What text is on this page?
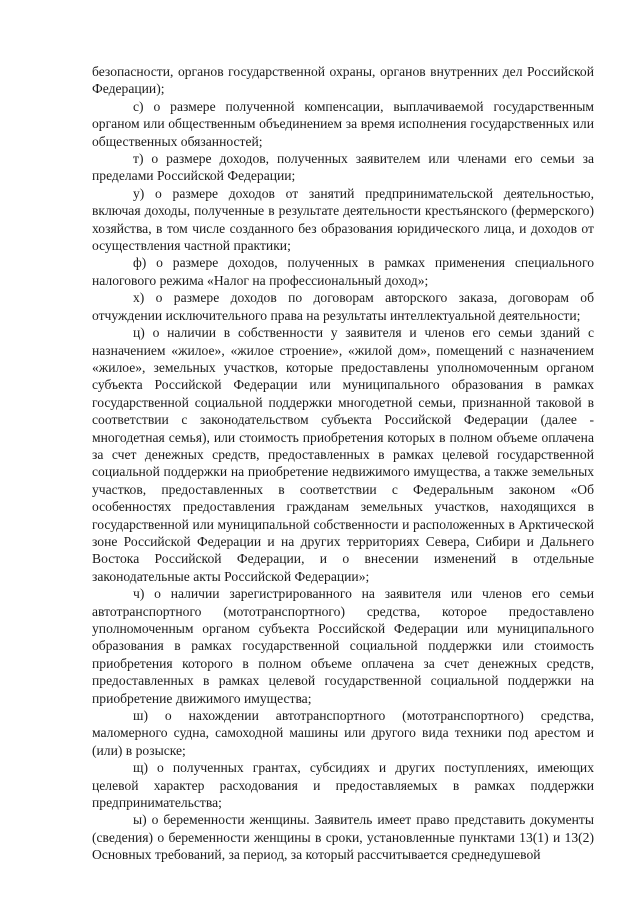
безопасности, органов государственной охраны, органов внутренних дел Российской Федерации);

с) о размере полученной компенсации, выплачиваемой государственным органом или общественным объединением за время исполнения государственных или общественных обязанностей;

т) о размере доходов, полученных заявителем или членами его семьи за пределами Российской Федерации;

у) о размере доходов от занятий предпринимательской деятельностью, включая доходы, полученные в результате деятельности крестьянского (фермерского) хозяйства, в том числе созданного без образования юридического лица, и доходов от осуществления частной практики;

ф) о размере доходов, полученных в рамках применения специального налогового режима «Налог на профессиональный доход»;

х) о размере доходов по договорам авторского заказа, договорам об отчуждении исключительного права на результаты интеллектуальной деятельности;

ц) о наличии в собственности у заявителя и членов его семьи зданий с назначением «жилое», «жилое строение», «жилой дом», помещений с назначением «жилое», земельных участков, которые предоставлены уполномоченным органом субъекта Российской Федерации или муниципального образования в рамках государственной социальной поддержки многодетной семьи, признанной таковой в соответствии с законодательством субъекта Российской Федерации (далее - многодетная семья), или стоимость приобретения которых в полном объеме оплачена за счет денежных средств, предоставленных в рамках целевой государственной социальной поддержки на приобретение недвижимого имущества, а также земельных участков, предоставленных в соответствии с Федеральным законом «Об особенностях предоставления гражданам земельных участков, находящихся в государственной или муниципальной собственности и расположенных в Арктической зоне Российской Федерации и на других территориях Севера, Сибири и Дальнего Востока Российской Федерации, и о внесении изменений в отдельные законодательные акты Российской Федерации»;

ч) о наличии зарегистрированного на заявителя или членов его семьи автотранспортного (мототранспортного) средства, которое предоставлено уполномоченным органом субъекта Российской Федерации или муниципального образования в рамках государственной социальной поддержки или стоимость приобретения которого в полном объеме оплачена за счет денежных средств, предоставленных в рамках целевой государственной социальной поддержки на приобретение движимого имущества;

ш) о нахождении автотранспортного (мототранспортного) средства, маломерного судна, самоходной машины или другого вида техники под арестом и (или) в розыске;

щ) о полученных грантах, субсидиях и других поступлениях, имеющих целевой характер расходования и предоставляемых в рамках поддержки предпринимательства;

ы) о беременности женщины. Заявитель имеет право представить документы (сведения) о беременности женщины в сроки, установленные пунктами 13(1) и 13(2) Основных требований, за период, за который рассчитывается среднедушевой
